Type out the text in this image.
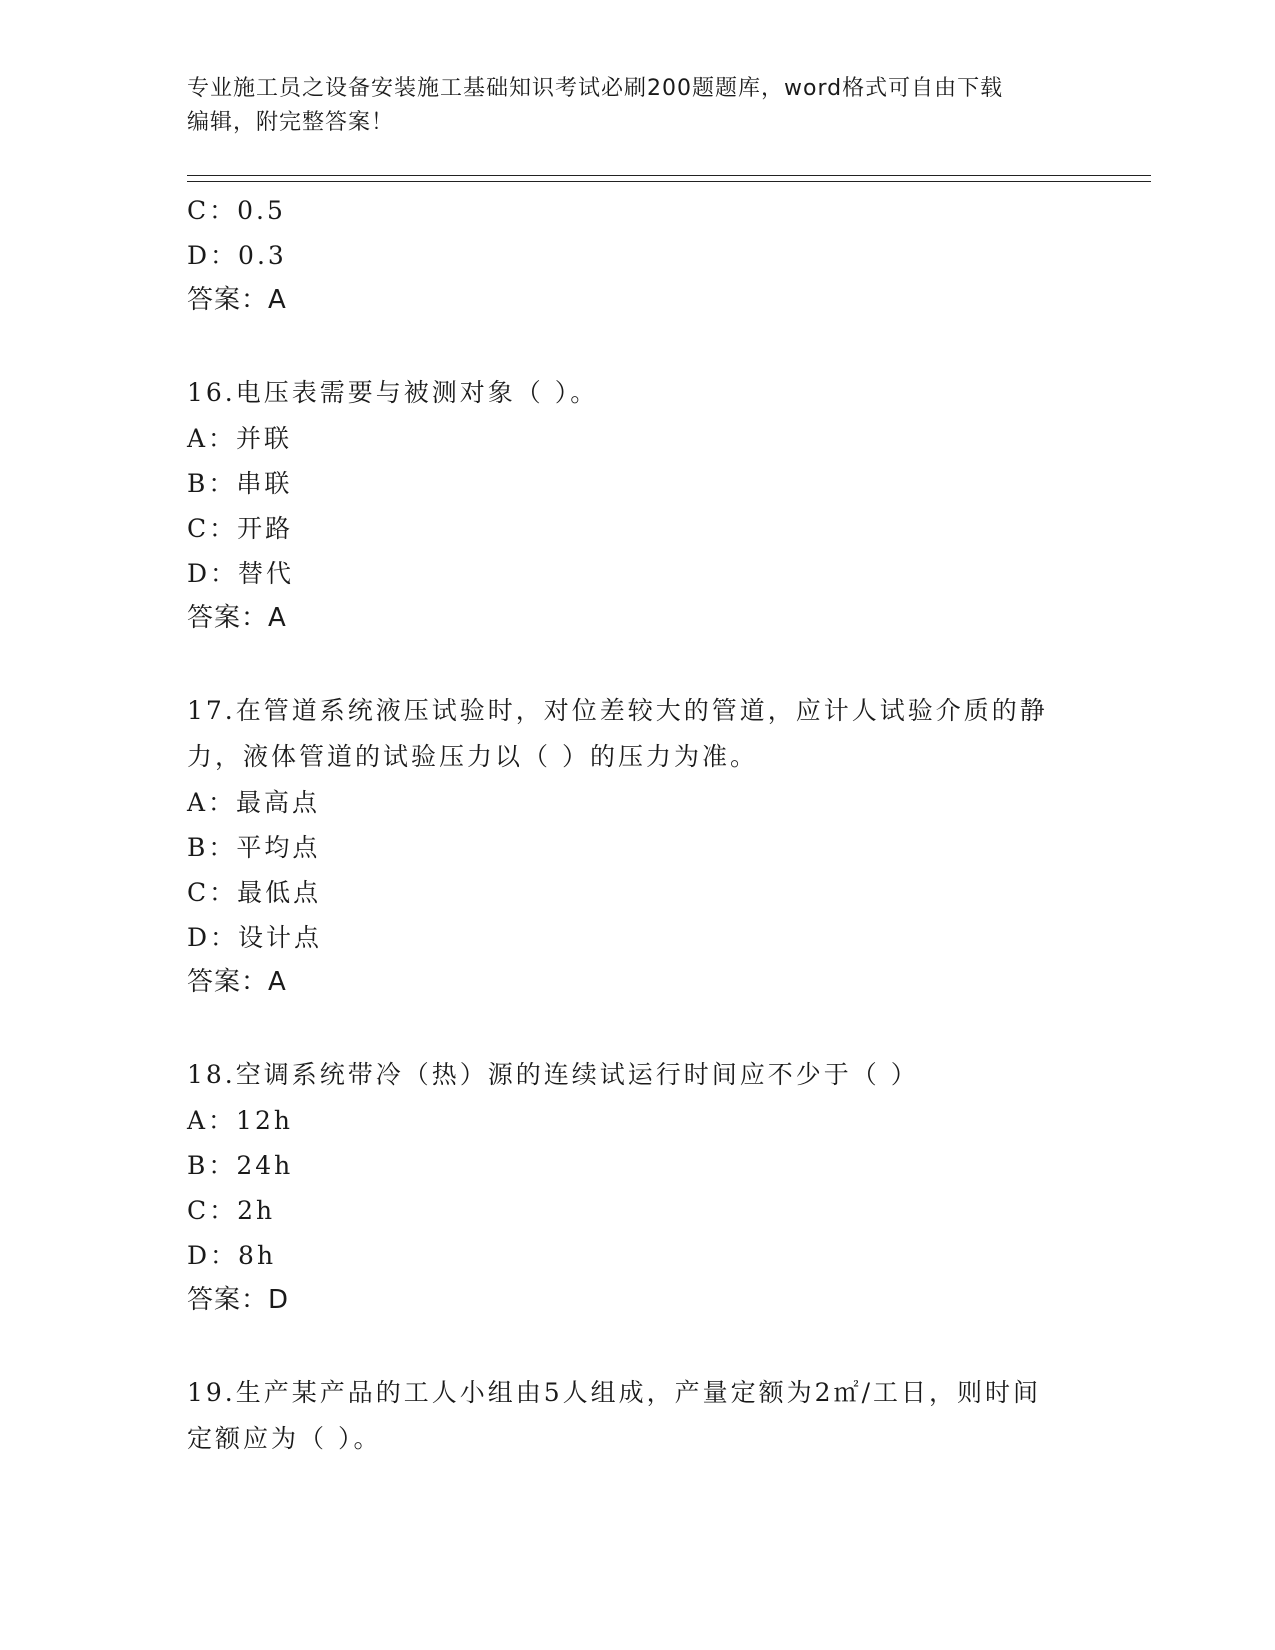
专业施工员之设备安装施工基础知识考试必刷200题题库，word格式可自由下载
编辑，附完整答案！
C：0.5
D：0.3
答案：A
16.电压表需要与被测对象（ ）。
A：并联
B：串联
C：开路
D：替代
答案：A
17.在管道系统液压试验时，对位差较大的管道，应计人试验介质的静
力，液体管道的试验压力以（ ）的压力为准。
A：最高点
B：平均点
C：最低点
D：设计点
答案：A
18.空调系统带冷（热）源的连续试运行时间应不少于（ ）
A：12h
B：24h
C：2h
D：8h
答案：D
19.生产某产品的工人小组由5人组成，产量定额为2㎡/工日，则时间
定额应为（ ）。
